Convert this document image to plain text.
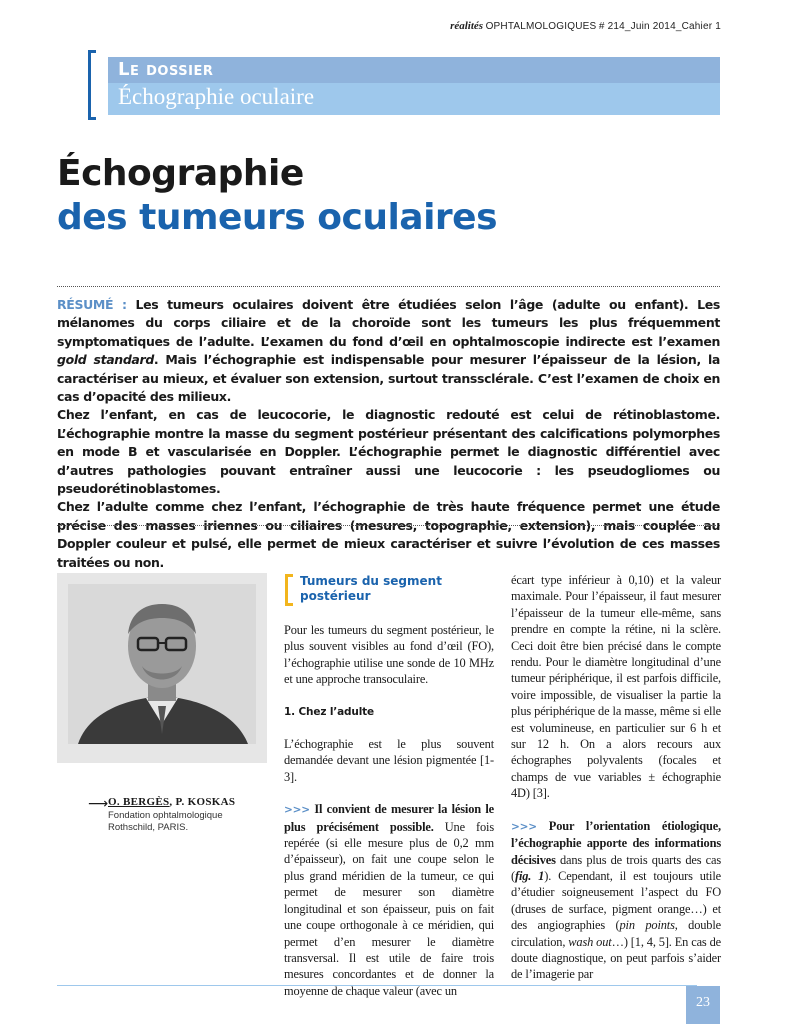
réalités OPHTALMOLOGIQUES # 214_Juin 2014_Cahier 1
Le dossier
Échographie oculaire
Échographie
des tumeurs oculaires

RÉSUMÉ : Les tumeurs oculaires doivent être étudiées selon l’âge (adulte ou enfant). Les mélanomes du corps ciliaire et de la choroïde sont les tumeurs les plus fréquemment symptomatiques de l’adulte. L’examen du fond d’œil en ophtalmoscopie indirecte est l’examen gold standard. Mais l’échographie est indispensable pour mesurer l’épaisseur de la lésion, la caractériser au mieux, et évaluer son extension, surtout transsclérale. C’est l’examen de choix en cas d’opacité des milieux.

Chez l’enfant, en cas de leucocorie, le diagnostic redouté est celui de rétinoblastome. L’échographie montre la masse du segment postérieur présentant des calcifications polymorphes en mode B et vascularisée en Doppler. L’échographie permet le diagnostic différentiel avec d’autres pathologies pouvant entraîner aussi une leucocorie : les pseudogliomes ou pseudorétinoblastomes.

Chez l’adulte comme chez l’enfant, l’échographie de très haute fréquence permet une étude précise des masses iriennes ou ciliaires (mesures, topographie, extension), mais couplée au Doppler couleur et pulsé, elle permet de mieux caractériser et suivre l’évolution de ces masses traitées ou non.

⟶ O. BERGÈS, P. KOSKAS
Fondation ophtalmologique
Rothschild, PARIS.
Tumeurs du segment postérieur

Pour les tumeurs du segment postérieur, le plus souvent visibles au fond d’œil (FO), l’échographie utilise une sonde de 10 MHz et une approche transoculaire.

1. Chez l’adulte

L’échographie est le plus souvent demandée devant une lésion pigmentée [1-3].

>>> Il convient de mesurer la lésion le plus précisément possible. Une fois repérée (si elle mesure plus de 0,2 mm d’épaisseur), on fait une coupe selon le plus grand méridien de la tumeur, ce qui permet de mesurer son diamètre longitudinal et son épaisseur, puis on fait une coupe orthogonale à ce méridien, qui permet d’en mesurer le diamètre transversal. Il est utile de faire trois mesures concordantes et de donner la moyenne de chaque valeur (avec un

écart type inférieur à 0,10) et la valeur maximale. Pour l’épaisseur, il faut mesurer l’épaisseur de la tumeur elle-même, sans prendre en compte la rétine, ni la sclère. Ceci doit être bien précisé dans le compte rendu. Pour le diamètre longitudinal d’une tumeur périphérique, il est parfois difficile, voire impossible, de visualiser la partie la plus périphérique de la masse, même si elle est volumineuse, en particulier sur 6 h et sur 12 h. On a alors recours aux échographes polyvalents (focales et champs de vue variables ± échographie 4D) [3].

>>> Pour l’orientation étiologique, l’échographie apporte des informations décisives dans plus de trois quarts des cas (fig. 1). Cependant, il est toujours utile d’étudier soigneusement l’aspect du FO (druses de surface, pigment orange…) et des angiographies (pin points, double circulation, wash out…) [1, 4, 5]. En cas de doute diagnostique, on peut parfois s’aider de l’imagerie par

23
